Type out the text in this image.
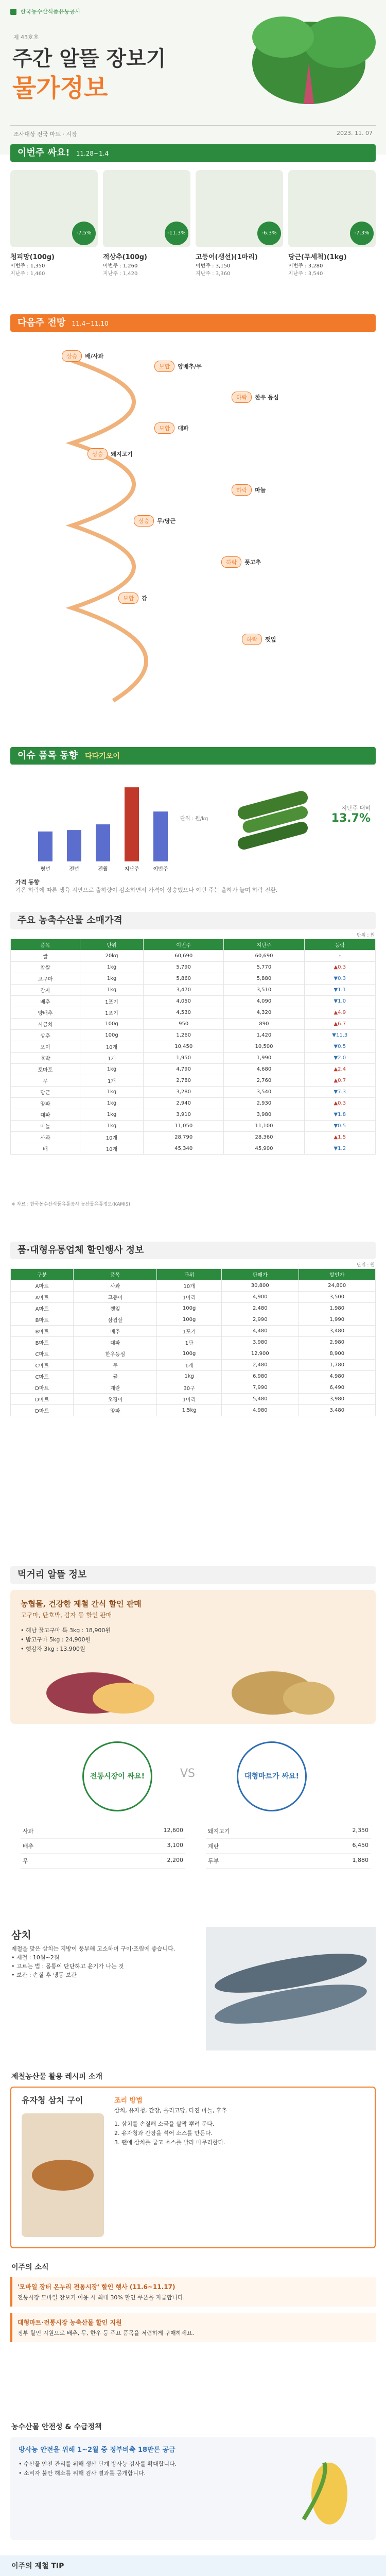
한국농수산식품유통공사
제 43호호
주간 알뜰 장보기
물가정보
조사대상 전국 마트 · 시장	2023. 11. 07
이번주 싸요! 11.28~1.4
-7.5%
청피망(100g)
이번주 : 1,350
지난주 : 1,460
-11.3%
적상추(100g)
이번주 : 1,260
지난주 : 1,420
-6.3%
고등어(생선)(1마리)
이번주 : 3,150
지난주 : 3,360
-7.3%
당근(무세척)(1kg)
이번주 : 3,280
지난주 : 3,540
다음주 전망 11.4~11.10
상승 배/사과
보합 양배추/무
하락 한우 등심
보합 대파
상승 돼지고기
하락 마늘
상승 무/당근
하락 풋고추
보합 감
하락 깻잎
이슈 품목 동향 다다기오이
평년	전년	전월	지난주	이번주
단위 : 원/kg
지난주 대비
13.7%
가격 동향
기온 하락에 따른 생육 지연으로 출하량이 감소하면서 가격이 상승했으나 이번 주는 출하가 늘며 하락 전환.
주요 농축수산물 소매가격
단위 : 원
품목	단위	이번주	지난주	등락
쌀	20kg	60,690	60,690	-
찹쌀	1kg	5,790	5,770	▲0.3
고구마	1kg	5,860	5,880	▼0.3
감자	1kg	3,470	3,510	▼1.1
배추	1포기	4,050	4,090	▼1.0
양배추	1포기	4,530	4,320	▲4.9
시금치	100g	950	890	▲6.7
상추	100g	1,260	1,420	▼11.3
오이	10개	10,450	10,500	▼0.5
호박	1개	1,950	1,990	▼2.0
토마토	1kg	4,790	4,680	▲2.4
무	1개	2,780	2,760	▲0.7
당근	1kg	3,280	3,540	▼7.3
양파	1kg	2,940	2,930	▲0.3
대파	1kg	3,910	3,980	▼1.8
마늘	1kg	11,050	11,100	▼0.5
사과	10개	28,790	28,360	▲1.5
배	10개	45,340	45,900	▼1.2
※ 자료 : 한국농수산식품유통공사 농산물유통정보(KAMIS)
품·대형유통업체 할인행사 정보
단위 : 원
구분	품목	단위	판매가	할인가
A마트	사과	10개	30,800	24,800
A마트	고등어	1마리	4,900	3,500
A마트	깻잎	100g	2,480	1,980
B마트	삼겹살	100g	2,990	1,990
B마트	배추	1포기	4,480	3,480
B마트	대파	1단	3,980	2,980
C마트	한우등심	100g	12,900	8,900
C마트	무	1개	2,480	1,780
C마트	귤	1kg	6,980	4,980
D마트	계란	30구	7,990	6,490
D마트	오징어	1마리	5,480	3,980
D마트	양파	1.5kg	4,980	3,480
먹거리 알뜰 정보
농협몰, 건강한 제철 간식 할인 판매
고구마, 단호박, 감자 등 할인 판매
• 해남 꿀고구마 특 3kg : 18,900원
• 밤고구마 5kg : 24,900원
• 햇감자 3kg : 13,900원
전통시장이 싸요!	VS	대형마트가 싸요!
사과	12,600
배추	3,100
무	2,200
돼지고기	2,350
계란	6,450
두부	1,880
삼치
제철을 맞은 삼치는 지방이 풍부해 고소하며 구이·조림에 좋습니다.
• 제철 : 10월~2월
• 고르는 법 : 몸통이 단단하고 윤기가 나는 것
• 보관 : 손질 후 냉동 보관
제철농산물 활용 레시피 소개
유자청 삼치 구이	조리 방법
삼치, 유자청, 간장, 올리고당, 다진 마늘, 후추
1. 삼치를 손질해 소금을 살짝 뿌려 둔다.
2. 유자청과 간장을 섞어 소스를 만든다.
3. 팬에 삼치를 굽고 소스를 발라 마무리한다.
이주의 소식
'모바일 장터 온누리 전통시장' 할인 행사 (11.6~11.17)
전통시장 모바일 장보기 이용 시 최대 30% 할인 쿠폰을 지급합니다.
대형마트·전통시장 농축산물 할인 지원
정부 할인 지원으로 배추, 무, 한우 등 주요 품목을 저렴하게 구매하세요.
농수산물 안전성 & 수급정책
방사능 안전을 위해 1~2월 중 정부비축 18만톤 공급
• 수산물 안전 관리를 위해 생산 단계 방사능 검사를 확대합니다.
• 소비자 불안 해소를 위해 검사 결과를 공개합니다.
이주의 제철 TIP
